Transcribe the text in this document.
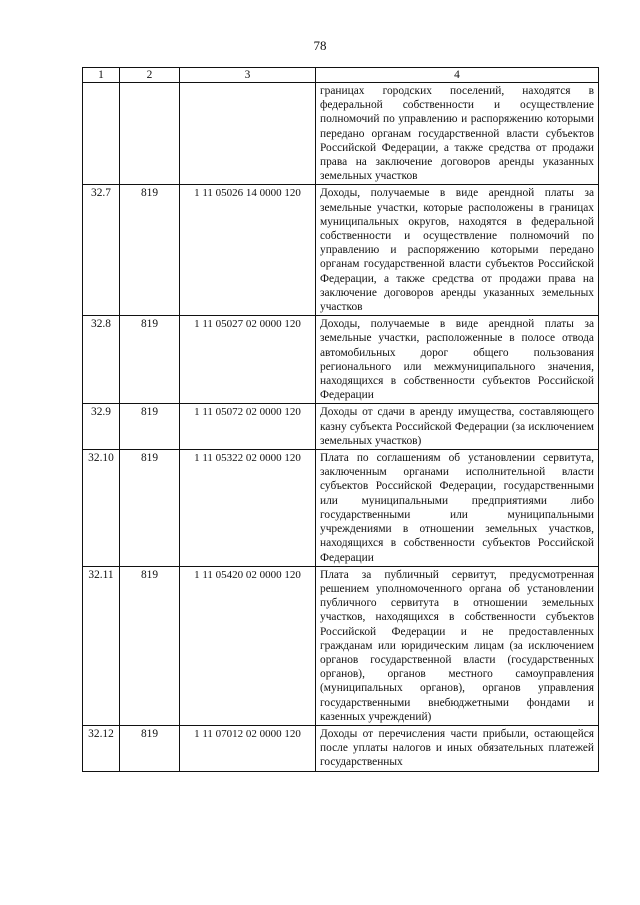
78
1	2	3	4
			границах городских поселений, находятся в федеральной собственности и осуществление полномочий по управлению и распоряжению которыми передано органам государственной власти субъектов Российской Федерации, а также средства от продажи права на заключение договоров аренды указанных земельных участков
32.7	819	1 11 05026 14 0000 120	Доходы, получаемые в виде арендной платы за земельные участки, которые расположены в границах муниципальных округов, находятся в федеральной собственности и осуществление полномочий по управлению и распоряжению которыми передано органам государственной власти субъектов Российской Федерации, а также средства от продажи права на заключение договоров аренды указанных земельных участков
32.8	819	1 11 05027 02 0000 120	Доходы, получаемые в виде арендной платы за земельные участки, расположенные в полосе отвода автомобильных дорог общего пользования регионального или межмуниципального значения, находящихся в собственности субъектов Российской Федерации
32.9	819	1 11 05072 02 0000 120	Доходы от сдачи в аренду имущества, составляющего казну субъекта Российской Федерации (за исключением земельных участков)
32.10	819	1 11 05322 02 0000 120	Плата по соглашениям об установлении сервитута, заключенным органами исполнительной власти субъектов Российской Федерации, государственными или муниципальными предприятиями либо государственными или муниципальными учреждениями в отношении земельных участков, находящихся в собственности субъектов Российской Федерации
32.11	819	1 11 05420 02 0000 120	Плата за публичный сервитут, предусмотренная решением уполномоченного органа об установлении публичного сервитута в отношении земельных участков, находящихся в собственности субъектов Российской Федерации и не предоставленных гражданам или юридическим лицам (за исключением органов государственной власти (государственных органов), органов местного самоуправления (муниципальных органов), органов управления государственными внебюджетными фондами и казенных учреждений)
32.12	819	1 11 07012 02 0000 120	Доходы от перечисления части прибыли, остающейся после уплаты налогов и иных обязательных платежей государственных
